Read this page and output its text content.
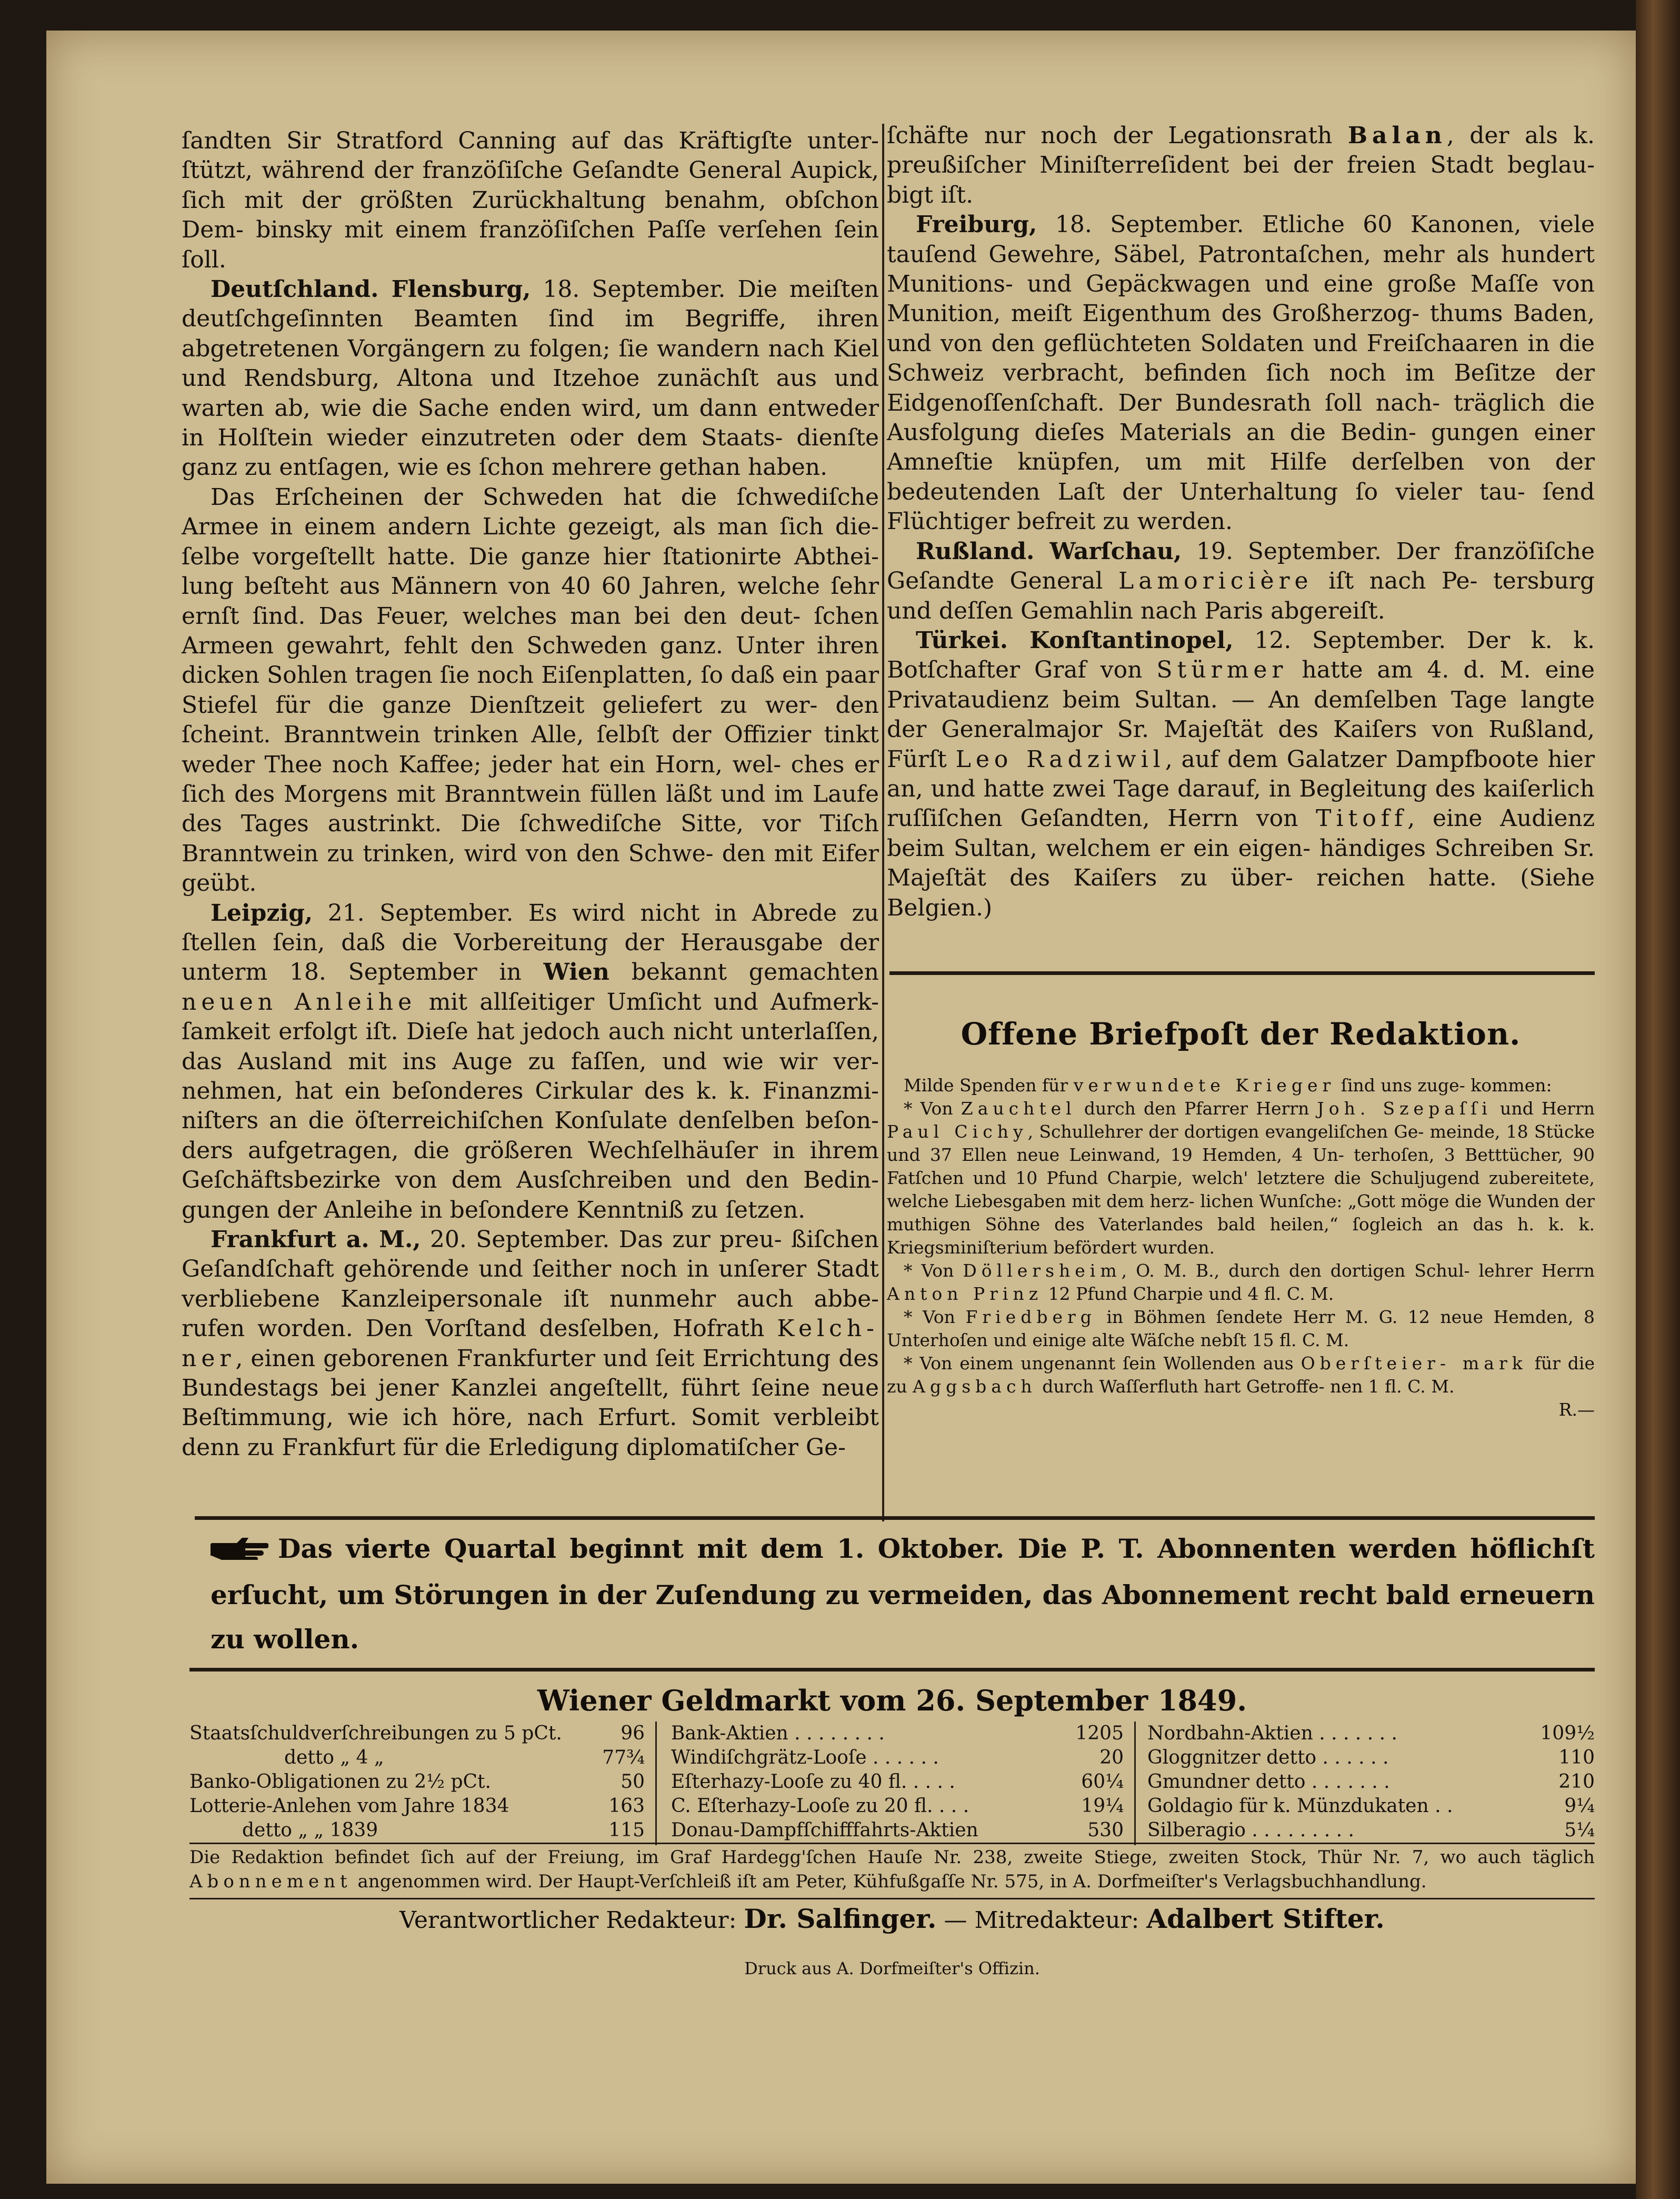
ſandten Sir Stratford Canning auf das Kräftigſte unter- ſtützt, während der franzöſiſche Geſandte General Aupick, ſich mit der größten Zurückhaltung benahm, obſchon Dem- binsky mit einem franzöſiſchen Paſſe verſehen ſein ſoll.

Deutſchland. Flensburg, 18. September. Die meiſten deutſchgeſinnten Beamten ſind im Begriffe, ihren abgetretenen Vorgängern zu folgen; ſie wandern nach Kiel und Rendsburg, Altona und Itzehoe zunächſt aus und warten ab, wie die Sache enden wird, um dann entweder in Holſtein wieder einzutreten oder dem Staats- dienſte ganz zu entſagen, wie es ſchon mehrere gethan haben.

Das Erſcheinen der Schweden hat die ſchwediſche Armee in einem andern Lichte gezeigt, als man ſich die- ſelbe vorgeſtellt hatte. Die ganze hier ſtationirte Abthei- lung beſteht aus Männern von 40 60 Jahren, welche ſehr ernſt ſind. Das Feuer, welches man bei den deut- ſchen Armeen gewahrt, fehlt den Schweden ganz. Unter ihren dicken Sohlen tragen ſie noch Eiſenplatten, ſo daß ein paar Stiefel für die ganze Dienſtzeit geliefert zu wer- den ſcheint. Branntwein trinken Alle, ſelbſt der Offizier tinkt weder Thee noch Kaffee; jeder hat ein Horn, wel- ches er ſich des Morgens mit Branntwein füllen läßt und im Laufe des Tages austrinkt. Die ſchwediſche Sitte, vor Tiſch Branntwein zu trinken, wird von den Schwe- den mit Eifer geübt.

Leipzig, 21. September. Es wird nicht in Abrede zu ſtellen ſein, daß die Vorbereitung der Herausgabe der unterm 18. September in Wien bekannt gemachten neuen Anleihe mit allſeitiger Umſicht und Aufmerk- ſamkeit erfolgt iſt. Dieſe hat jedoch auch nicht unterlaſſen, das Ausland mit ins Auge zu faſſen, und wie wir ver- nehmen, hat ein beſonderes Cirkular des k. k. Finanzmi- niſters an die öſterreichiſchen Konſulate denſelben beſon- ders aufgetragen, die größeren Wechſelhäuſer in ihrem Geſchäftsbezirke von dem Ausſchreiben und den Bedin- gungen der Anleihe in beſondere Kenntniß zu ſetzen.

Frankfurt a. M., 20. September. Das zur preu- ßiſchen Geſandſchaft gehörende und ſeither noch in unſerer Stadt verbliebene Kanzleipersonale iſt nunmehr auch abbe- rufen worden. Den Vorſtand desſelben, Hofrath Kelch- ner, einen geborenen Frankfurter und ſeit Errichtung des Bundestags bei jener Kanzlei angeſtellt, führt ſeine neue Beſtimmung, wie ich höre, nach Erfurt. Somit verbleibt denn zu Frankfurt für die Erledigung diplomatiſcher Ge-

ſchäfte nur noch der Legationsrath Balan, der als k. preußiſcher Miniſterreſident bei der freien Stadt beglau- bigt iſt.

Freiburg, 18. September. Etliche 60 Kanonen, viele tauſend Gewehre, Säbel, Patrontaſchen, mehr als hundert Munitions- und Gepäckwagen und eine große Maſſe von Munition, meiſt Eigenthum des Großherzog- thums Baden, und von den geflüchteten Soldaten und Freiſchaaren in die Schweiz verbracht, befinden ſich noch im Beſitze der Eidgenoſſenſchaft. Der Bundesrath ſoll nach- träglich die Ausfolgung dieſes Materials an die Bedin- gungen einer Amneſtie knüpfen, um mit Hilfe derſelben von der bedeutenden Laſt der Unterhaltung ſo vieler tau- ſend Flüchtiger befreit zu werden.

Rußland. Warſchau, 19. September. Der franzöſiſche Geſandte General Lamoricière iſt nach Pe- tersburg und deſſen Gemahlin nach Paris abgereiſt.

Türkei. Konſtantinopel, 12. September. Der k. k. Botſchafter Graf von Stürmer hatte am 4. d. M. eine Privataudienz beim Sultan. — An demſelben Tage langte der Generalmajor Sr. Majeſtät des Kaiſers von Rußland, Fürſt Leo Radziwil, auf dem Galatzer Dampfboote hier an, und hatte zwei Tage darauf, in Begleitung des kaiſerlich ruſſiſchen Geſandten, Herrn von Titoff, eine Audienz beim Sultan, welchem er ein eigen- händiges Schreiben Sr. Majeſtät des Kaiſers zu über- reichen hatte. (Siehe Belgien.)

Offene Briefpoſt der Redaktion.

Milde Spenden für verwundete Krieger ſind uns zuge- kommen:

* Von Zauchtel durch den Pfarrer Herrn Joh. Szepaſſi und Herrn Paul Cichy, Schullehrer der dortigen evangeliſchen Ge- meinde, 18 Stücke und 37 Ellen neue Leinwand, 19 Hemden, 4 Un- terhoſen, 3 Betttücher, 90 Fatſchen und 10 Pfund Charpie, welch' letztere die Schuljugend zubereitete, welche Liebesgaben mit dem herz- lichen Wunſche: „Gott möge die Wunden der muthigen Söhne des Vaterlandes bald heilen,“ ſogleich an das h. k. k. Kriegsminiſterium befördert wurden.

* Von Döllersheim, O. M. B., durch den dortigen Schul- lehrer Herrn Anton Prinz 12 Pfund Charpie und 4 fl. C. M.

* Von Friedberg in Böhmen ſendete Herr M. G. 12 neue Hemden, 8 Unterhoſen und einige alte Wäſche nebſt 15 fl. C. M.

* Von einem ungenannt ſein Wollenden aus Oberſteier- mark für die zu Aggsbach durch Waſſerfluth hart Getroffe- nen 1 fl. C. M.

R.—

Das vierte Quartal beginnt mit dem 1. Oktober. Die P. T. Abonnenten werden höflichſt erſucht, um Störungen in der Zuſendung zu vermeiden, das Abonnement recht bald erneuern zu wollen.
Wiener Geldmarkt vom 26. September 1849.
Staatsſchuldverſchreibungen zu 5 pCt.	96
detto „ 4 „	77¾
Banko-Obligationen zu 2½ pCt.	50
Lotterie-Anlehen vom Jahre 1834	163
detto „ „ 1839	115
Bank-Aktien . . . . . . . .	1205
Windiſchgrätz-Looſe . . . . . .	20
Eſterhazy-Looſe zu 40 fl. . . . .	60¼
C. Eſterhazy-Looſe zu 20 fl. . . .	19¼
Donau-Dampfſchifffahrts-Aktien	530
Nordbahn-Aktien . . . . . . .	109½
Gloggnitzer detto . . . . . .	110
Gmundner detto . . . . . . .	210
Goldagio für k. Münzdukaten . .	9¼
Silberagio . . . . . . . . .	5¼
Die Redaktion befindet ſich auf der Freiung, im Graf Hardegg'ſchen Hauſe Nr. 238, zweite Stiege, zweiten Stock, Thür Nr. 7, wo auch täglich Abonnement angenommen wird. Der Haupt-Verſchleiß iſt am Peter, Kühfußgaſſe Nr. 575, in A. Dorfmeiſter's Verlagsbuchhandlung.
Verantwortlicher Redakteur: Dr. Salfinger. — Mitredakteur: Adalbert Stifter.
Druck aus A. Dorfmeiſter's Offizin.
